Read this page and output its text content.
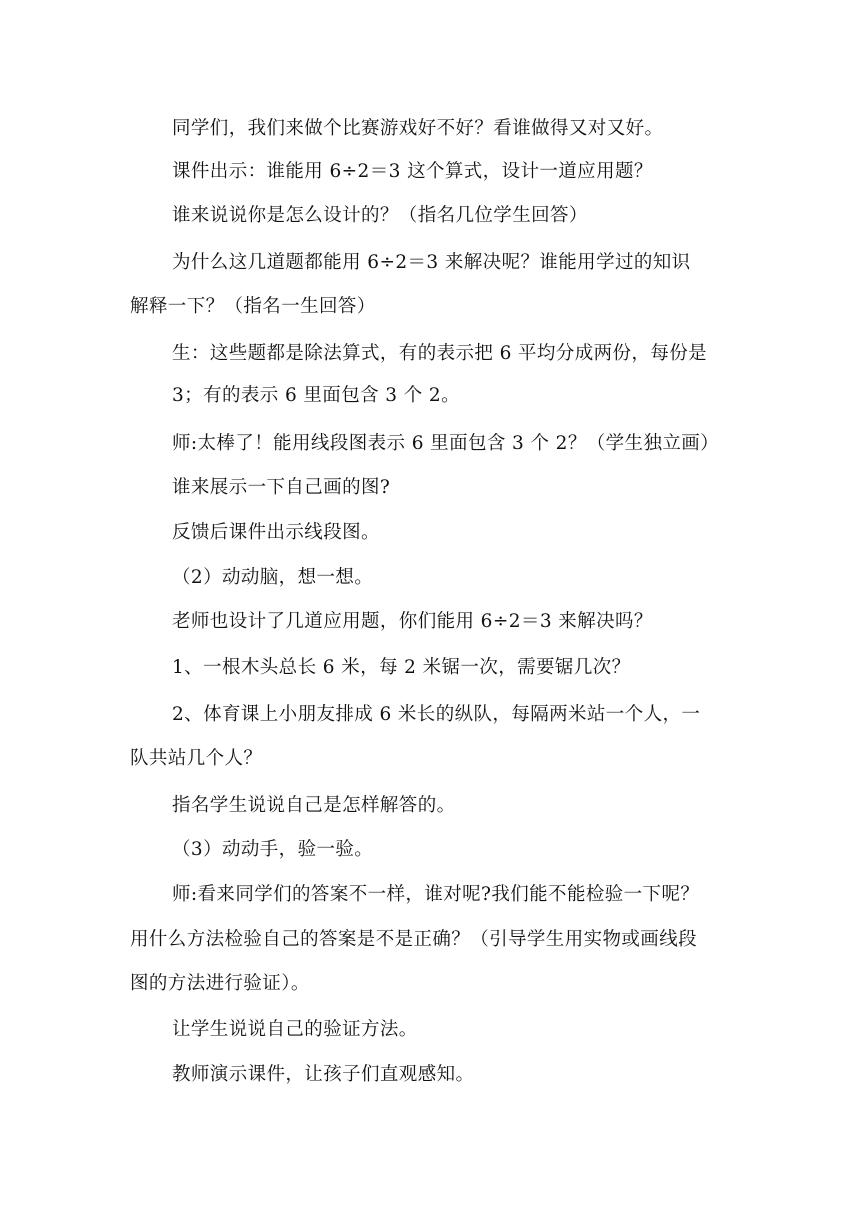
同学们，我们来做个比赛游戏好不好？看谁做得又对又好。
课件出示：谁能用 6÷2＝3 这个算式，设计一道应用题？
谁来说说你是怎么设计的？（指名几位学生回答）
为什么这几道题都能用 6÷2＝3 来解决呢？谁能用学过的知识
解释一下？（指名一生回答）
生：这些题都是除法算式，有的表示把 6 平均分成两份，每份是
3；有的表示 6 里面包含 3 个 2。
师:太棒了！能用线段图表示 6 里面包含 3 个 2？（学生独立画）
谁来展示一下自己画的图?
反馈后课件出示线段图。
（2）动动脑，想一想。
老师也设计了几道应用题，你们能用 6÷2＝3 来解决吗？
1、一根木头总长 6 米，每 2 米锯一次，需要锯几次？
2、体育课上小朋友排成 6 米长的纵队，每隔两米站一个人，一
队共站几个人？
指名学生说说自己是怎样解答的。
（3）动动手，验一验。
师:看来同学们的答案不一样，谁对呢?我们能不能检验一下呢？
用什么方法检验自己的答案是不是正确？（引导学生用实物或画线段
图的方法进行验证）。
让学生说说自己的验证方法。
教师演示课件，让孩子们直观感知。
